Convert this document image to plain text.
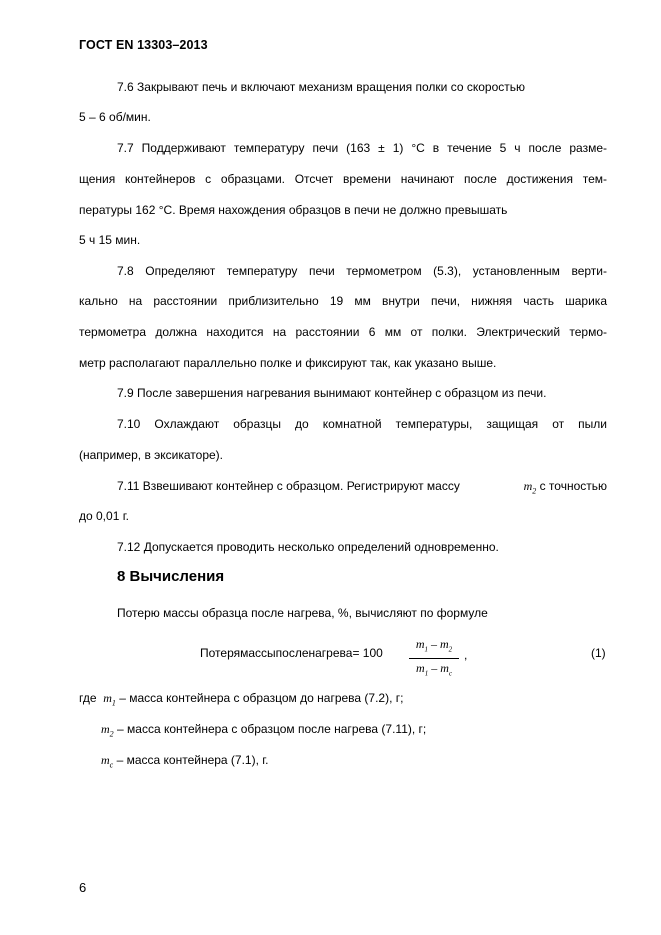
ГОСТ EN 13303–2013
7.6 Закрывают печь и включают механизм вращения полки со скоростью
5 – 6 об/мин.
7.7 Поддерживают температуру печи (163 ± 1) °С в течение 5 ч после разме-
щения контейнеров с образцами. Отсчет времени начинают после достижения тем-
пературы 162 °С. Время нахождения образцов в печи не должно превышать
5 ч 15 мин.
7.8 Определяют температуру печи термометром (5.3), установленным верти-
кально на расстоянии приблизительно 19 мм внутри печи, нижняя часть шарика
термометра должна находится на расстоянии 6 мм от полки. Электрический термо-
метр располагают параллельно полке и фиксируют так, как указано выше.
7.9 После завершения нагревания вынимают контейнер с образцом из печи.
7.10 Охлаждают образцы до комнатной температуры, защищая от пыли
(например, в эксикаторе).
7.11 Взвешивают контейнер с образцом. Регистрируют массу	$m_2$ с точностью
до 0,01 г.
7.12 Допускается проводить несколько определений одновременно.
8 Вычисления
Потерю массы образца после нагрева, %, вычисляют по формуле
Потерямассыпосленагрева= 100
$m_1 - m_2$
$m_1 - m_c$
,	(1)
где $m_1$ – масса контейнера с образцом до нагрева (7.2), г;
$m_2$ – масса контейнера с образцом после нагрева (7.11), г;
$m_c$ – масса контейнера (7.1), г.
6
